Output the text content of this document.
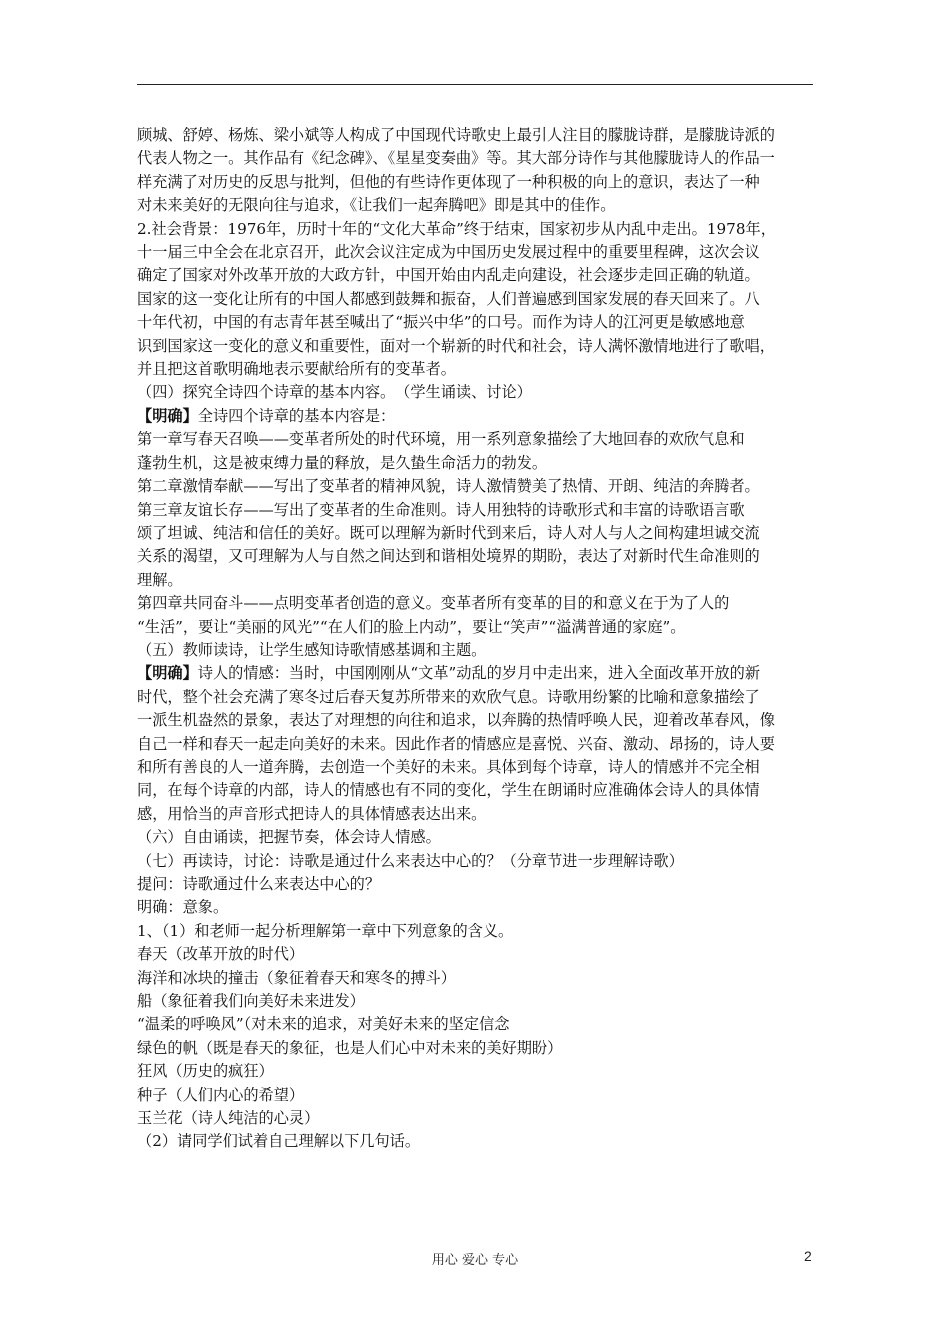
顾城、舒婷、杨炼、梁小斌等人构成了中国现代诗歌史上最引人注目的朦胧诗群，是朦胧诗派的

代表人物之一。其作品有《纪念碑》、《星星变奏曲》等。其大部分诗作与其他朦胧诗人的作品一

样充满了对历史的反思与批判，但他的有些诗作更体现了一种积极的向上的意识，表达了一种

对未来美好的无限向往与追求，《让我们一起奔腾吧》即是其中的佳作。

2.社会背景：1976年，历时十年的“文化大革命”终于结束，国家初步从内乱中走出。1978年，

十一届三中全会在北京召开，此次会议注定成为中国历史发展过程中的重要里程碑，这次会议

确定了国家对外改革开放的大政方针，中国开始由内乱走向建设，社会逐步走回正确的轨道。

国家的这一变化让所有的中国人都感到鼓舞和振奋，人们普遍感到国家发展的春天回来了。八

十年代初，中国的有志青年甚至喊出了“振兴中华”的口号。而作为诗人的江河更是敏感地意

识到国家这一变化的意义和重要性，面对一个崭新的时代和社会，诗人满怀激情地进行了歌唱，

并且把这首歌明确地表示要献给所有的变革者。

（四）探究全诗四个诗章的基本内容。　（学生诵读、讨论）

【明确】全诗四个诗章的基本内容是：

第一章写春天召唤——变革者所处的时代环境，用一系列意象描绘了大地回春的欢欣气息和

蓬勃生机，这是被束缚力量的释放，是久蛰生命活力的勃发。

第二章激情奉献——写出了变革者的精神风貌，诗人激情赞美了热情、开朗、纯洁的奔腾者。

第三章友谊长存——写出了变革者的生命准则。诗人用独特的诗歌形式和丰富的诗歌语言歌

颂了坦诚、纯洁和信任的美好。既可以理解为新时代到来后，诗人对人与人之间构建坦诚交流

关系的渴望，又可理解为人与自然之间达到和谐相处境界的期盼，表达了对新时代生命准则的

理解。

第四章共同奋斗——点明变革者创造的意义。变革者所有变革的目的和意义在于为了人的

“生活”，要让“美丽的风光”“在人们的脸上内动”，要让“笑声”“溢满普通的家庭”。

（五）教师读诗，让学生感知诗歌情感基调和主题。

【明确】诗人的情感：当时，中国刚刚从“文革”动乱的岁月中走出来，进入全面改革开放的新

时代，整个社会充满了寒冬过后春天复苏所带来的欢欣气息。诗歌用纷繁的比喻和意象描绘了

一派生机盎然的景象，表达了对理想的向往和追求，以奔腾的热情呼唤人民，迎着改革春风，像

自己一样和春天一起走向美好的未来。因此作者的情感应是喜悦、兴奋、激动、昂扬的，诗人要

和所有善良的人一道奔腾，去创造一个美好的未来。具体到每个诗章，诗人的情感并不完全相

同，在每个诗章的内部，诗人的情感也有不同的变化，学生在朗诵时应准确体会诗人的具体情

感，用恰当的声音形式把诗人的具体情感表达出来。

（六）自由诵读，把握节奏，体会诗人情感。

（七）再读诗，讨论：诗歌是通过什么来表达中心的？（分章节进一步理解诗歌）

提问：诗歌通过什么来表达中心的？

明确：意象。

1、（1）和老师一起分析理解第一章中下列意象的含义。

春天（改革开放的时代）

海洋和冰块的撞击（象征着春天和寒冬的搏斗）

船（象征着我们向美好未来进发）

“温柔的呼唤风”（对未来的追求，对美好未来的坚定信念

绿色的帆（既是春天的象征，也是人们心中对未来的美好期盼）

狂风（历史的疯狂）

种子（人们内心的希望）

玉兰花（诗人纯洁的心灵）

（2）请同学们试着自己理解以下几句话。

用心 爱心 专心	2
